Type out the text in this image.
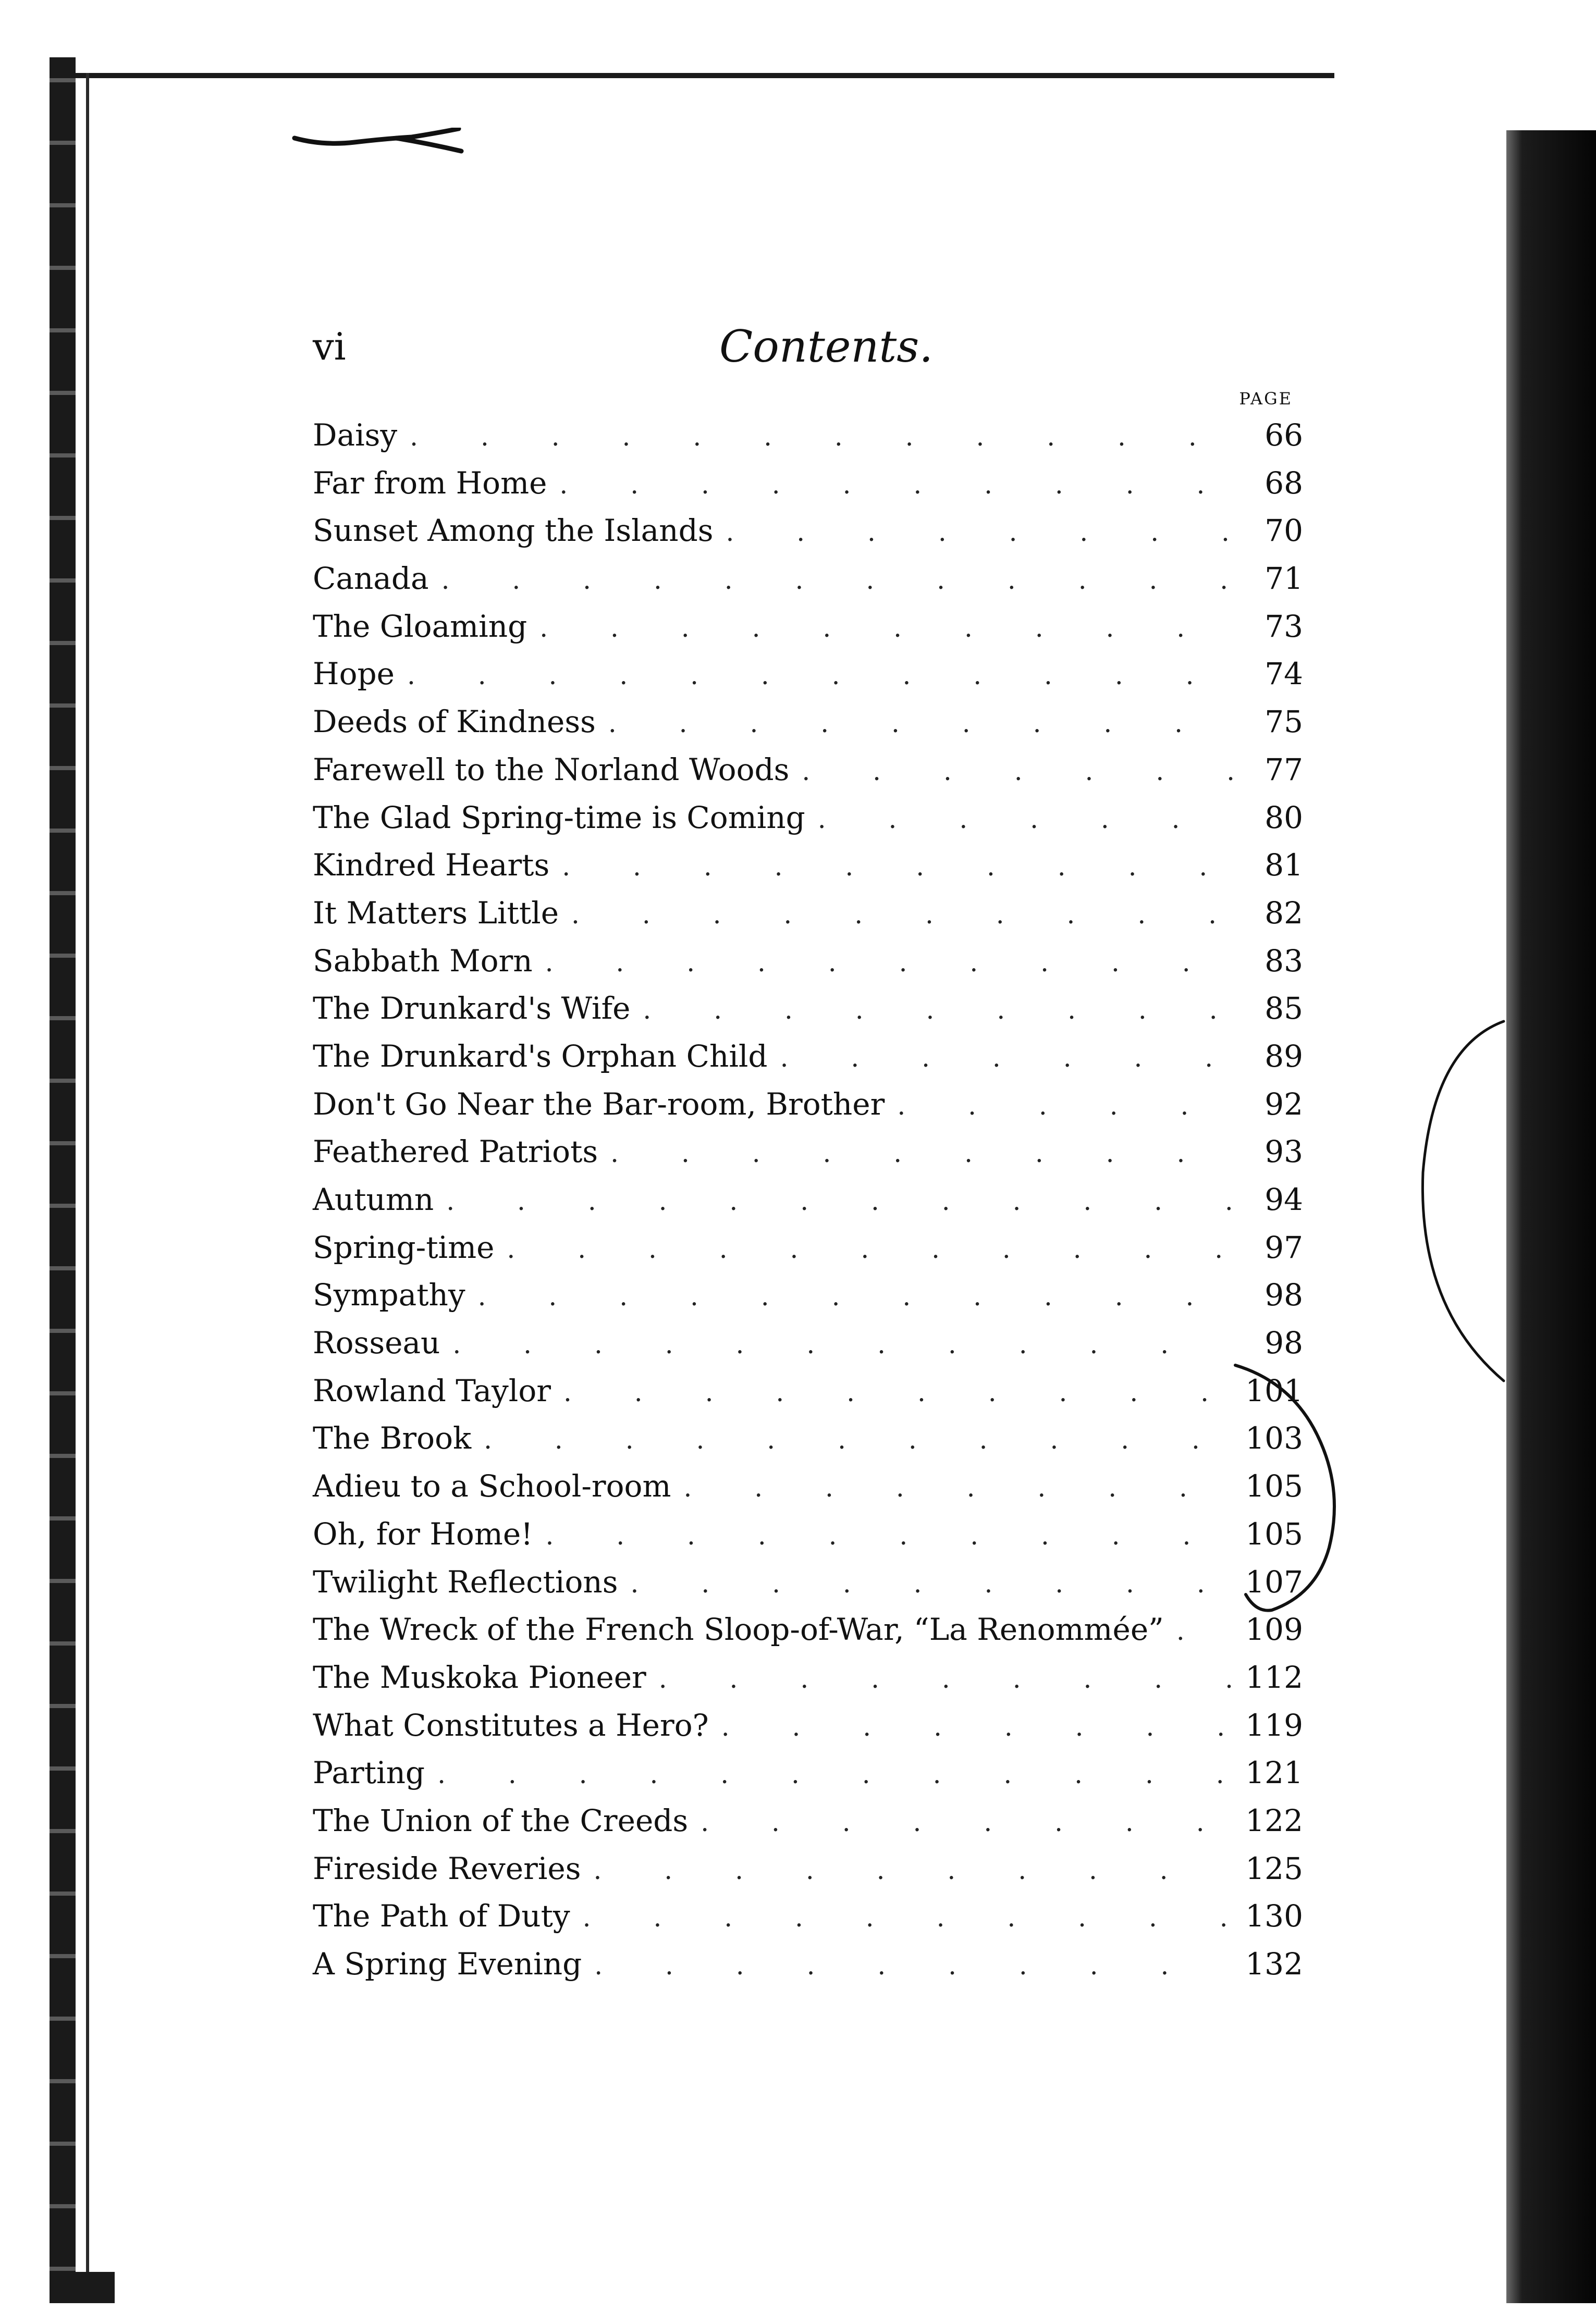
vi	Contents.
PAGE
Daisy . . .	66
Far from Home . . .	68
Sunset Among the Islands . . .	70
Canada . . .	71
The Gloaming . . .	73
Hope . . .	74
Deeds of Kindness . . .	75
Farewell to the Norland Woods . . .	77
The Glad Spring-time is Coming . . .	80
Kindred Hearts . . .	81
It Matters Little . . .	82
Sabbath Morn . . .	83
The Drunkard's Wife . . .	85
The Drunkard's Orphan Child . . .	89
Don't Go Near the Bar-room, Brother . . .	92
Feathered Patriots . . .	93
Autumn . . .	94
Spring-time . . .	97
Sympathy . . .	98
Rosseau . . .	98
Rowland Taylor . . .	101
The Brook . . .	103
Adieu to a School-room . . .	105
Oh, for Home! . . .	105
Twilight Reflections . . .	107
The Wreck of the French Sloop-of-War, “La Renommée” . . .	109
The Muskoka Pioneer . . .	112
What Constitutes a Hero? . . .	119
Parting . . .	121
The Union of the Creeds . . .	122
Fireside Reveries . . .	125
The Path of Duty . . .	130
A Spring Evening . . .	132
